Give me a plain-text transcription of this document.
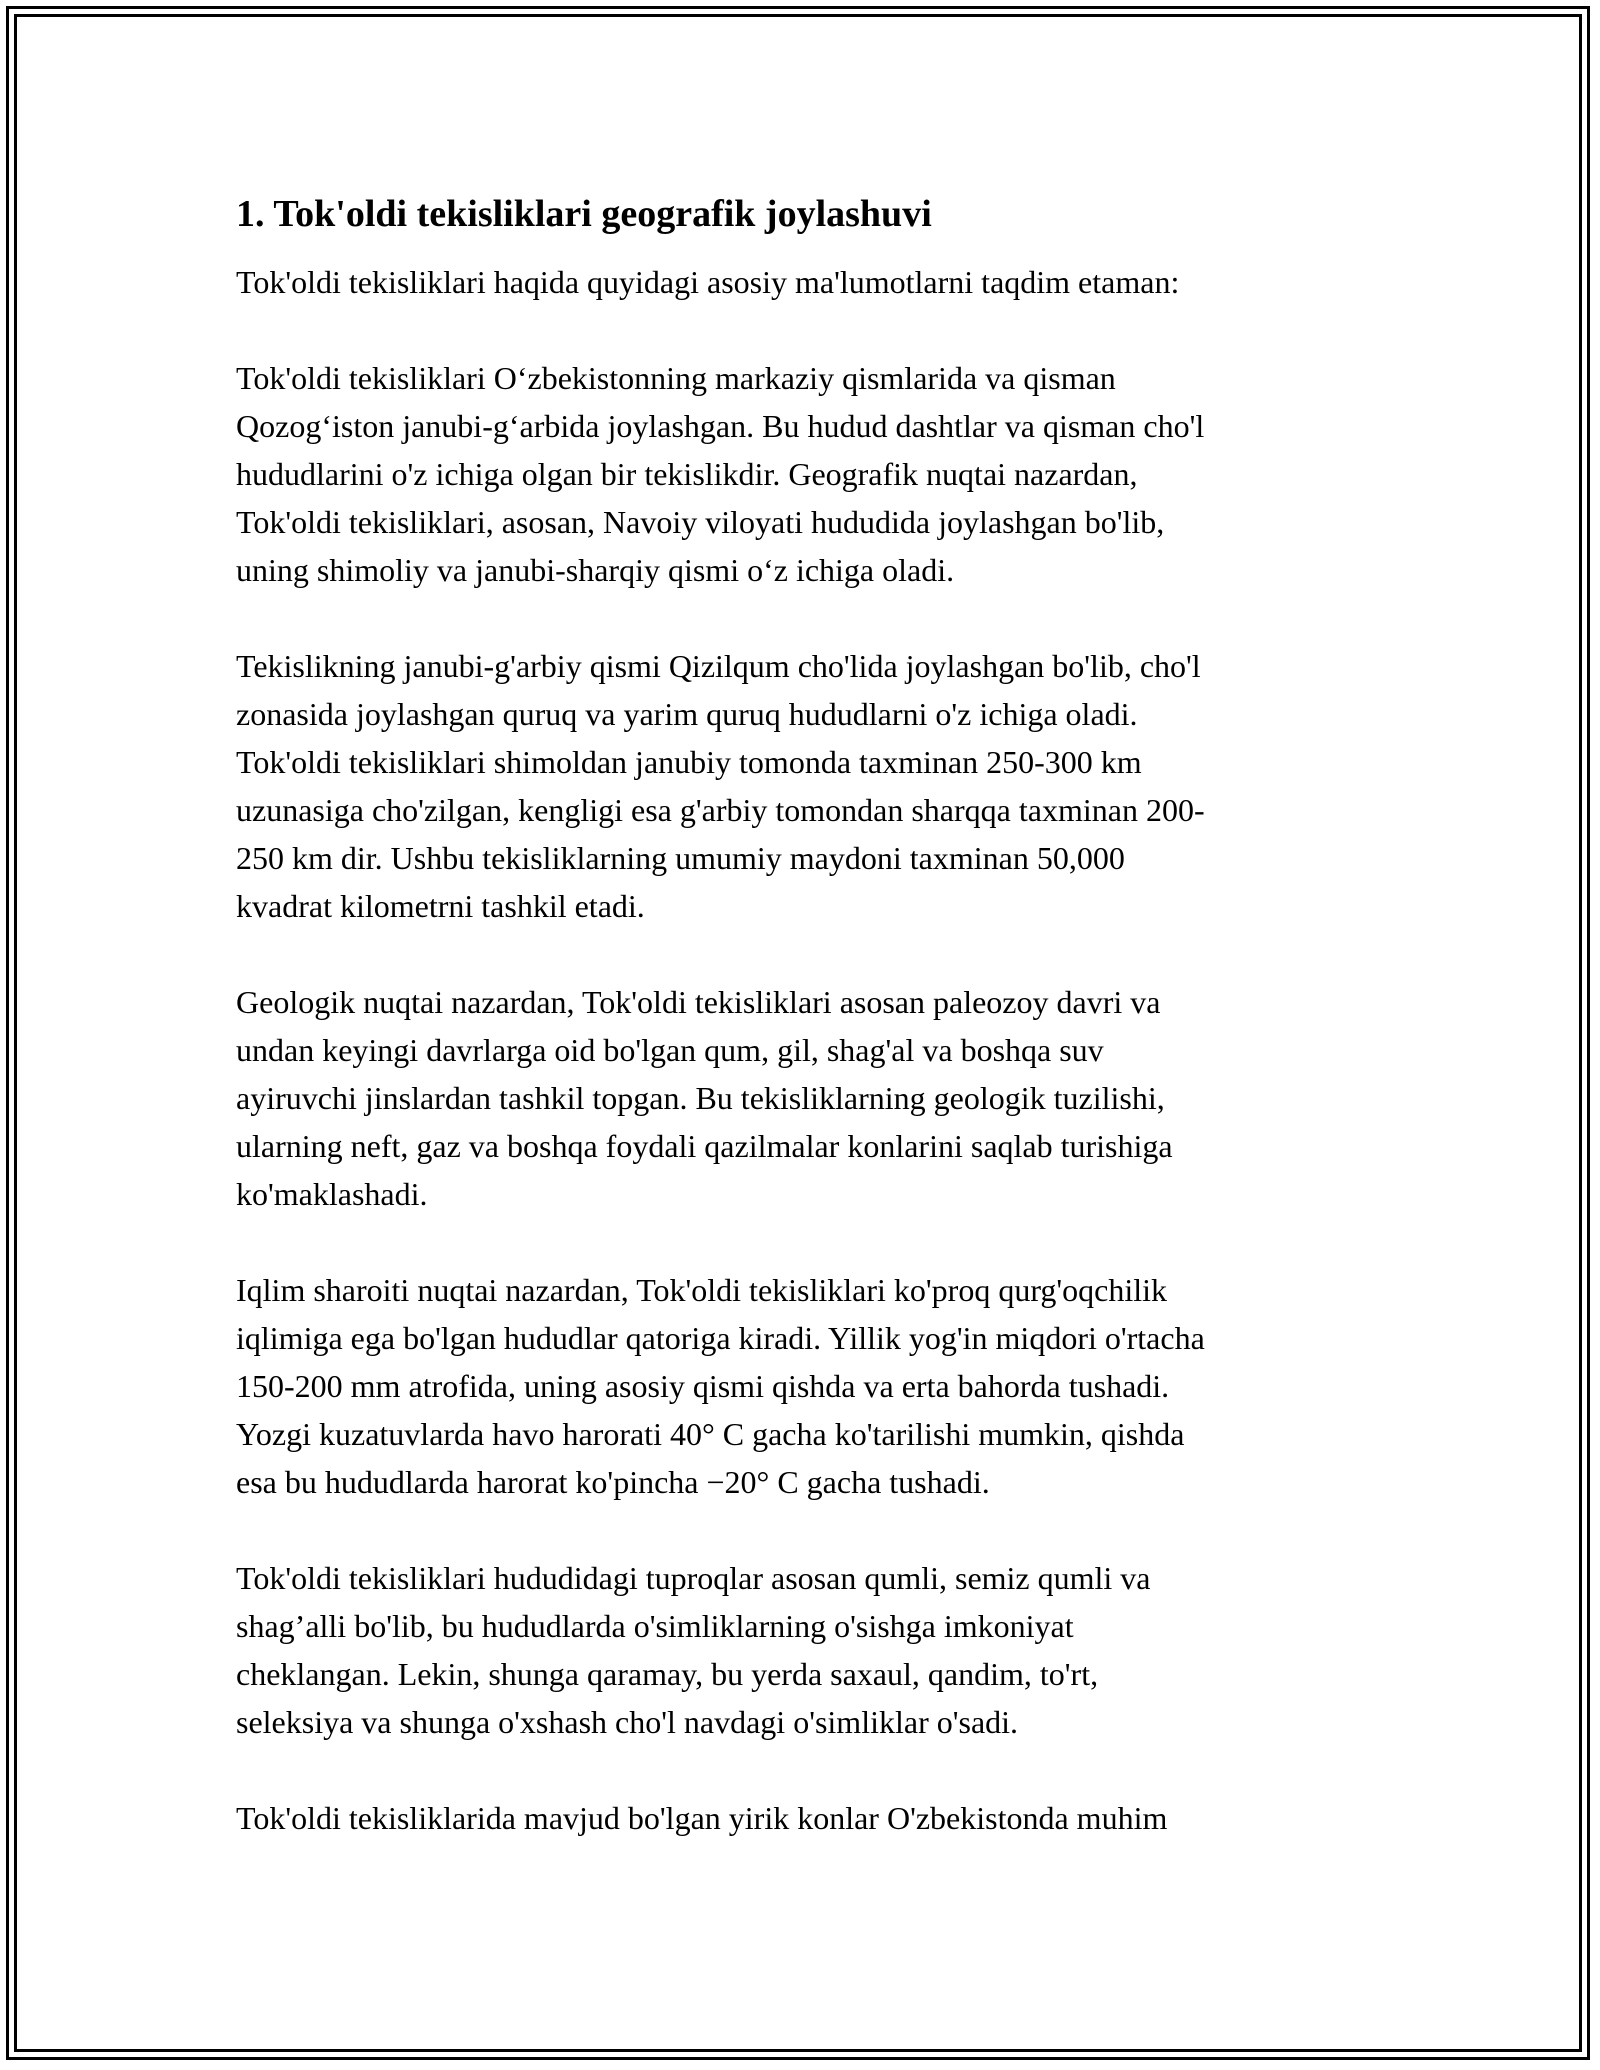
1. Tok'oldi tekisliklari geografik joylashuvi

Tok'oldi tekisliklari haqida quyidagi asosiy ma'lumotlarni taqdim etaman:

Tok'oldi tekisliklari O‘zbekistonning markaziy qismlarida va qisman
Qozog‘iston janubi-g‘arbida joylashgan. Bu hudud dashtlar va qisman cho'l
hududlarini o'z ichiga olgan bir tekislikdir. Geografik nuqtai nazardan,
Tok'oldi tekisliklari, asosan, Navoiy viloyati hududida joylashgan bo'lib,
uning shimoliy va janubi-sharqiy qismi o‘z ichiga oladi.

Tekislikning janubi-g'arbiy qismi Qizilqum cho'lida joylashgan bo'lib, cho'l
zonasida joylashgan quruq va yarim quruq hududlarni o'z ichiga oladi.
Tok'oldi tekisliklari shimoldan janubiy tomonda taxminan 250-300 km
uzunasiga cho'zilgan, kengligi esa g'arbiy tomondan sharqqa taxminan 200-
250 km dir. Ushbu tekisliklarning umumiy maydoni taxminan 50,000
kvadrat kilometrni tashkil etadi.

Geologik nuqtai nazardan, Tok'oldi tekisliklari asosan paleozoy davri va
undan keyingi davrlarga oid bo'lgan qum, gil, shag'al va boshqa suv
ayiruvchi jinslardan tashkil topgan. Bu tekisliklarning geologik tuzilishi,
ularning neft, gaz va boshqa foydali qazilmalar konlarini saqlab turishiga
ko'maklashadi.

Iqlim sharoiti nuqtai nazardan, Tok'oldi tekisliklari ko'proq qurg'oqchilik
iqlimiga ega bo'lgan hududlar qatoriga kiradi. Yillik yog'in miqdori o'rtacha
150-200 mm atrofida, uning asosiy qismi qishda va erta bahorda tushadi.
Yozgi kuzatuvlarda havo harorati 40° C gacha ko'tarilishi mumkin, qishda
esa bu hududlarda harorat ko'pincha −20° C gacha tushadi.

Tok'oldi tekisliklari hududidagi tuproqlar asosan qumli, semiz qumli va
shag’alli bo'lib, bu hududlarda o'simliklarning o'sishga imkoniyat
cheklangan. Lekin, shunga qaramay, bu yerda saxaul, qandim, to'rt,
seleksiya va shunga o'xshash cho'l navdagi o'simliklar o'sadi.

Tok'oldi tekisliklarida mavjud bo'lgan yirik konlar O'zbekistonda muhim
